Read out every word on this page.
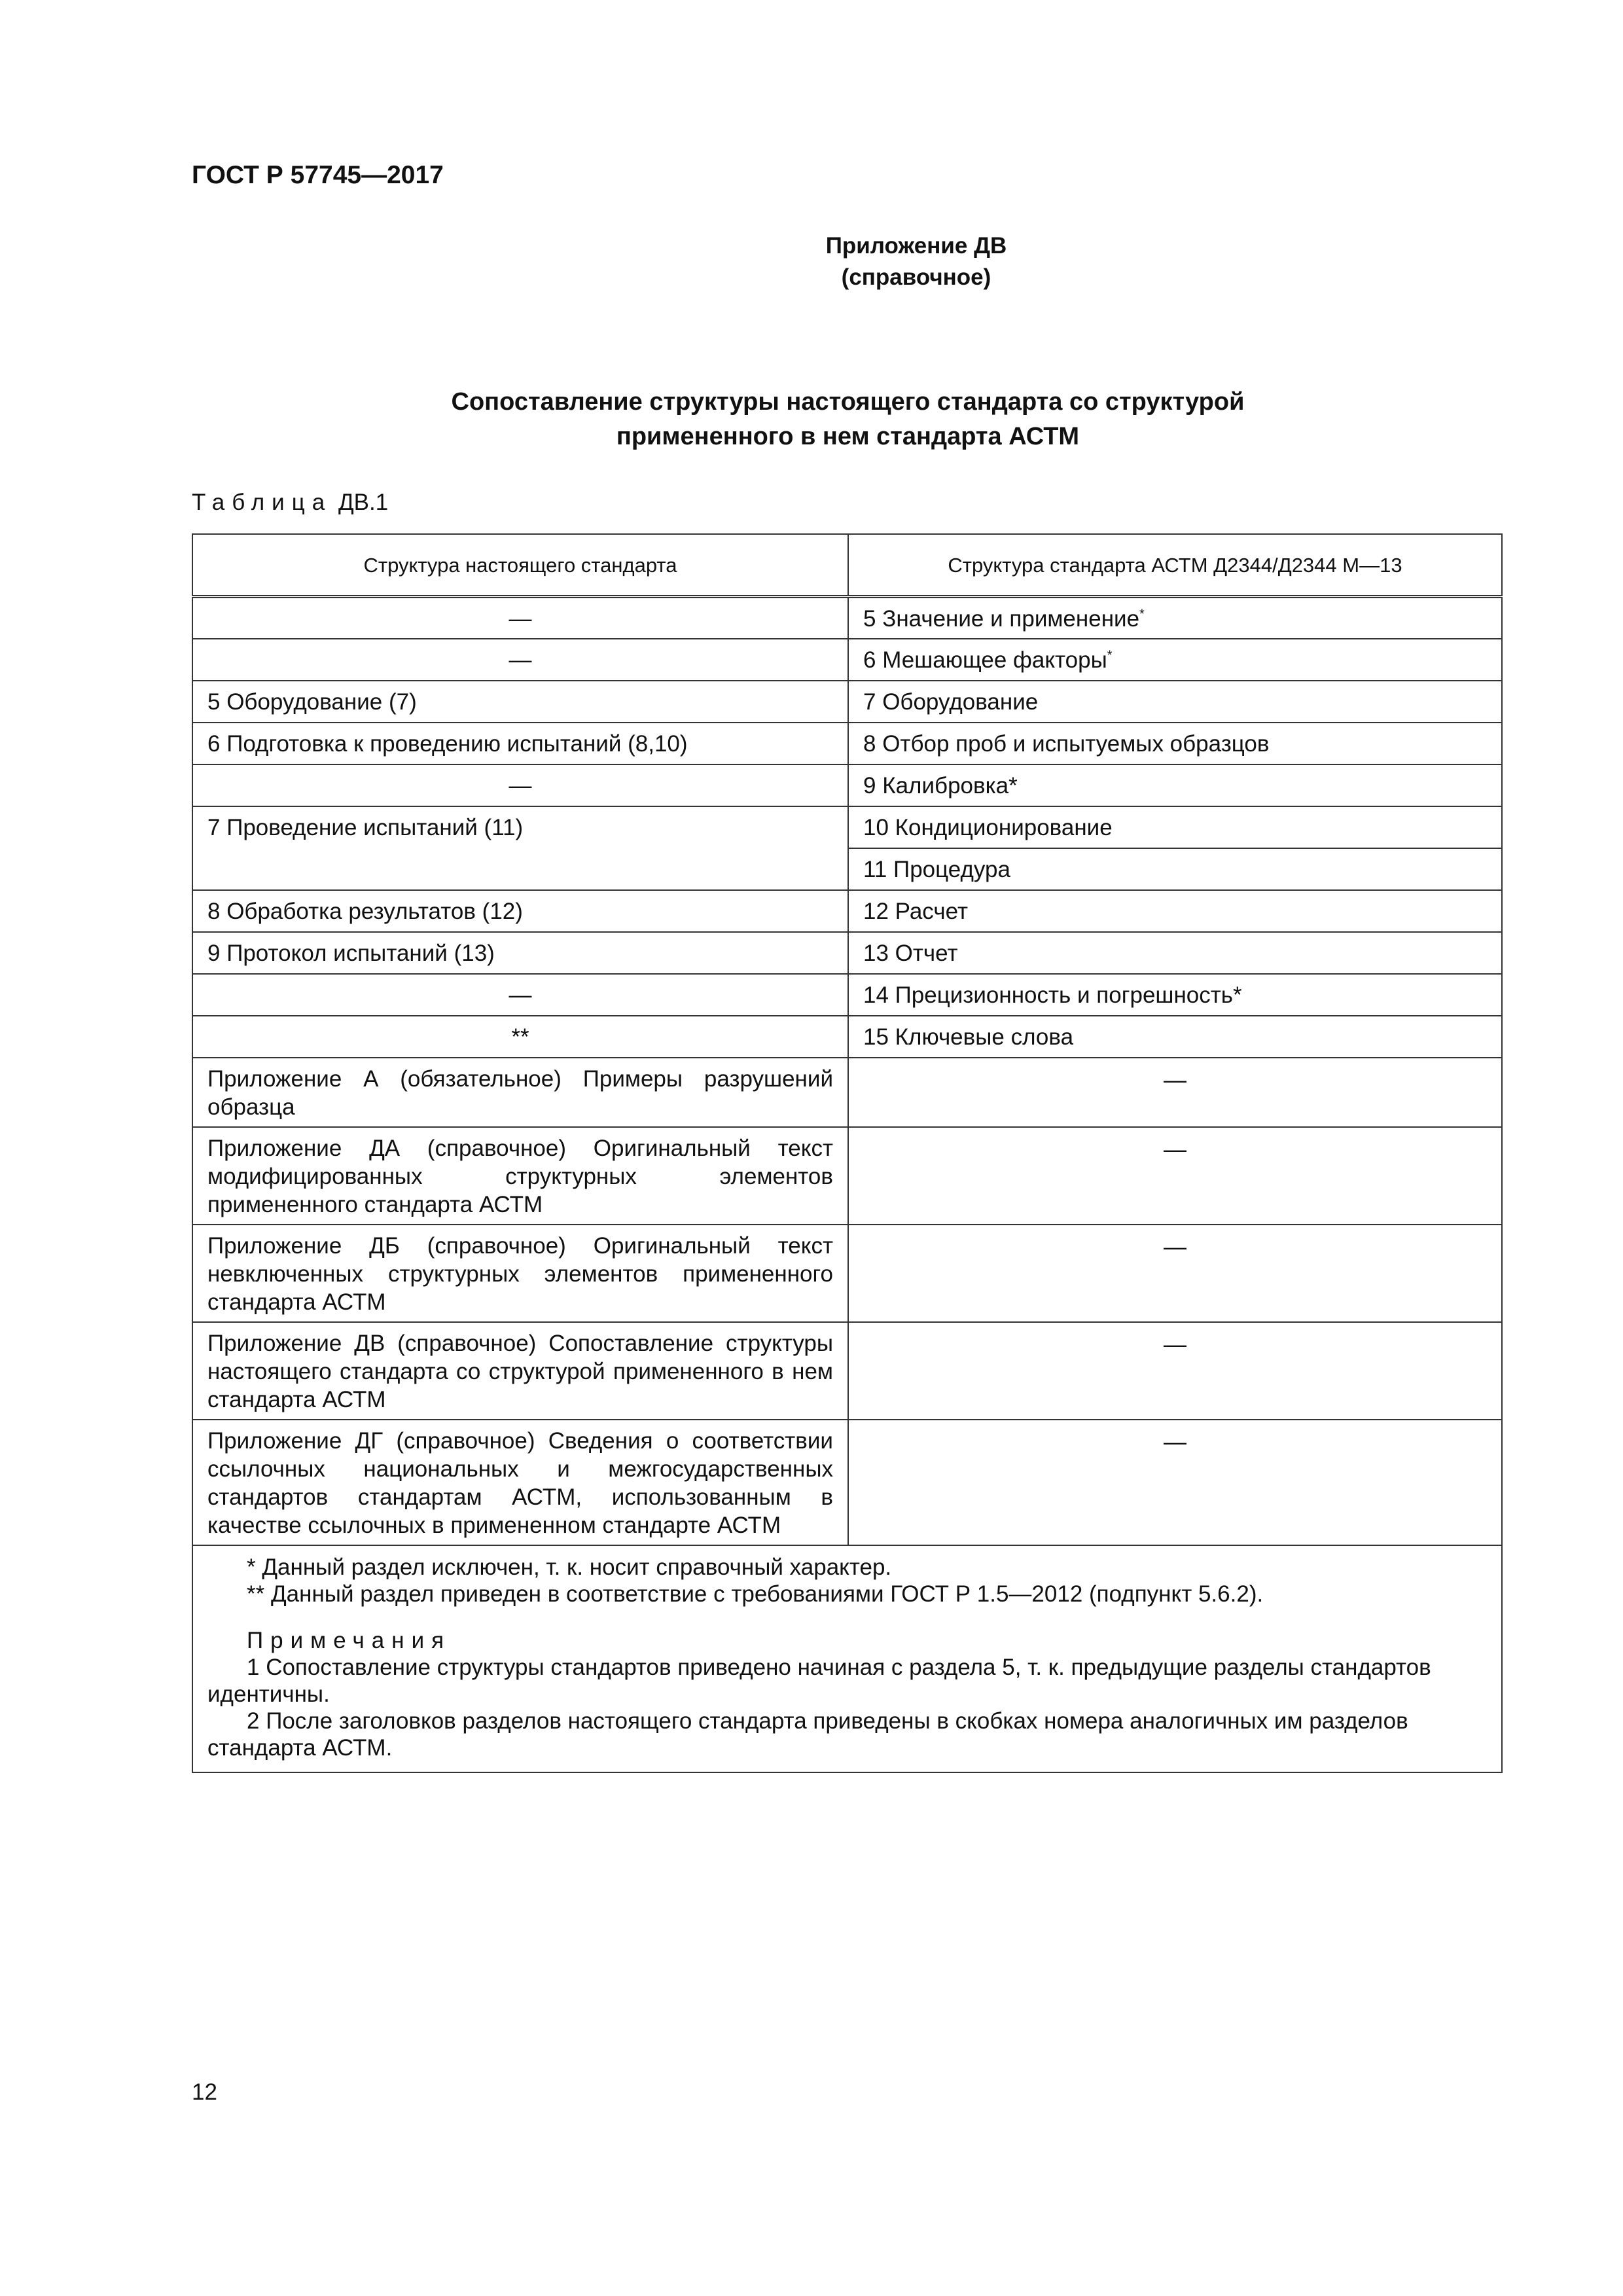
ГОСТ Р 57745—2017
Приложение ДВ
(справочное)
Сопоставление структуры настоящего стандарта со структурой
примененного в нем стандарта АСТМ
Таблица ДВ.1
Структура настоящего стандарта	Структура стандарта АСТМ Д2344/Д2344 М—13
—	5 Значение и применение*
—	6 Мешающее факторы*
5 Оборудование (7)	7 Оборудование
6 Подготовка к проведению испытаний (8,10)	8 Отбор проб и испытуемых образцов
—	9 Калибровка*
7 Проведение испытаний (11)	10 Кондиционирование
	11 Процедура
8 Обработка результатов (12)	12 Расчет
9 Протокол испытаний (13)	13 Отчет
—	14 Прецизионность и погрешность*
**	15 Ключевые слова
Приложение А (обязательное) Примеры разрушений образца	—
Приложение ДА (справочное) Оригинальный текст модифицированных структурных элементов примененного стандарта АСТМ	—
Приложение ДБ (справочное) Оригинальный текст невключенных структурных элементов примененного стандарта АСТМ	—
Приложение ДВ (справочное) Сопоставление структуры настоящего стандарта со структурой примененного в нем стандарта АСТМ	—
Приложение ДГ (справочное) Сведения о соответствии ссылочных национальных и межгосударственных стандартов стандартам АСТМ, использованным в качестве ссылочных в примененном стандарте АСТМ	—

* Данный раздел исключен, т. к. носит справочный характер.

** Данный раздел приведен в соответствие с требованиями ГОСТ Р 1.5—2012 (подпункт 5.6.2).

Примечания

1 Сопоставление структуры стандартов приведено начиная с раздела 5, т. к. предыдущие разделы стандартов идентичны.

2 После заголовков разделов настоящего стандарта приведены в скобках номера аналогичных им разделов стандарта АСТМ.	

12
